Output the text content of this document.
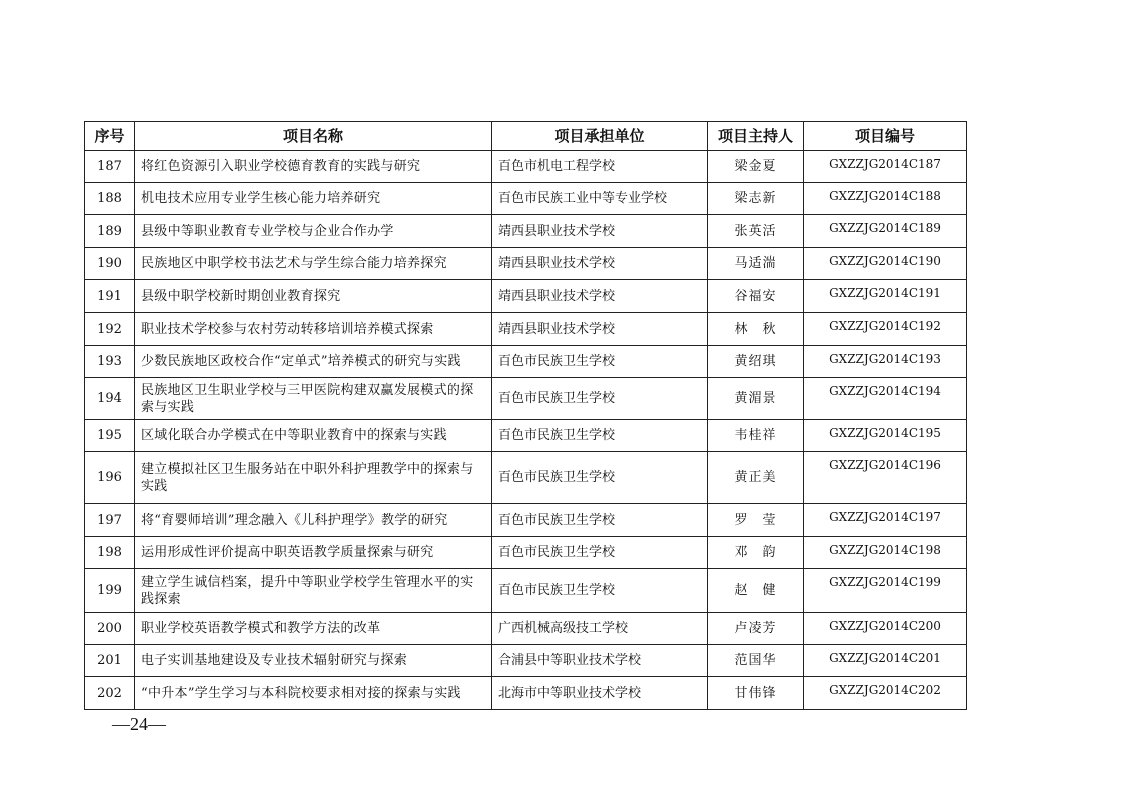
序号	项目名称	项目承担单位	项目主持人	项目编号
187	将红色资源引入职业学校德育教育的实践与研究	百色市机电工程学校	梁金夏	GXZZJG2014C187
188	机电技术应用专业学生核心能力培养研究	百色市民族工业中等专业学校	梁志新	GXZZJG2014C188
189	县级中等职业教育专业学校与企业合作办学	靖西县职业技术学校	张英活	GXZZJG2014C189
190	民族地区中职学校书法艺术与学生综合能力培养探究	靖西县职业技术学校	马适湍	GXZZJG2014C190
191	县级中职学校新时期创业教育探究	靖西县职业技术学校	谷福安	GXZZJG2014C191
192	职业技术学校参与农村劳动转移培训培养模式探索	靖西县职业技术学校	林　秋	GXZZJG2014C192
193	少数民族地区政校合作“定单式”培养模式的研究与实践	百色市民族卫生学校	黄绍琪	GXZZJG2014C193
194	民族地区卫生职业学校与三甲医院构建双赢发展模式的探索与实践	百色市民族卫生学校	黄湄景	GXZZJG2014C194
195	区域化联合办学模式在中等职业教育中的探索与实践	百色市民族卫生学校	韦桂祥	GXZZJG2014C195
196	建立模拟社区卫生服务站在中职外科护理教学中的探索与实践	百色市民族卫生学校	黄正美	GXZZJG2014C196
197	将“育婴师培训”理念融入《儿科护理学》教学的研究	百色市民族卫生学校	罗　莹	GXZZJG2014C197
198	运用形成性评价提高中职英语教学质量探索与研究	百色市民族卫生学校	邓　韵	GXZZJG2014C198
199	建立学生诚信档案，提升中等职业学校学生管理水平的实践探索	百色市民族卫生学校	赵　健	GXZZJG2014C199
200	职业学校英语教学模式和教学方法的改革	广西机械高级技工学校	卢凌芳	GXZZJG2014C200
201	电子实训基地建设及专业技术辐射研究与探索	合浦县中等职业技术学校	范国华	GXZZJG2014C201
202	“中升本”学生学习与本科院校要求相对接的探索与实践	北海市中等职业技术学校	甘伟锋	GXZZJG2014C202
—24—
